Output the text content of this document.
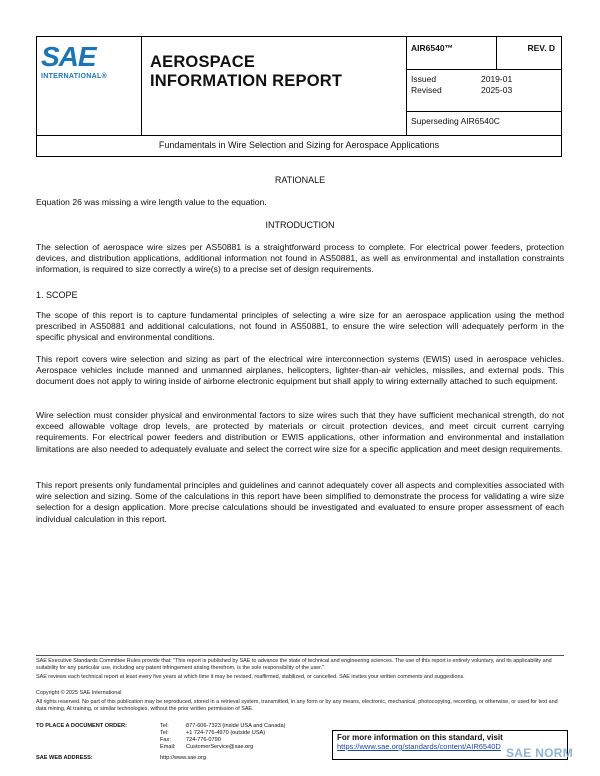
SAE
INTERNATIONAL®

AEROSPACE
INFORMATION REPORT
	AIR6540™	REV. D

Issued	2019-01
Revised	2025-03

Superseding AIR6540C
Fundamentals in Wire Selection and Sizing for Aerospace Applications
RATIONALE
Equation 26 was missing a wire length value to the equation.
INTRODUCTION
The selection of aerospace wire sizes per AS50881 is a straightforward process to complete. For electrical power feeders, protection devices, and distribution applications, additional information not found in AS50881, as well as environmental and installation constraints information, is required to size correctly a wire(s) to a precise set of design requirements.
1. SCOPE
The scope of this report is to capture fundamental principles of selecting a wire size for an aerospace application using the method prescribed in AS50881 and additional calculations, not found in AS50881, to ensure the wire selection will adequately perform in the specific physical and environmental conditions.
This report covers wire selection and sizing as part of the electrical wire interconnection systems (EWIS) used in aerospace vehicles. Aerospace vehicles include manned and unmanned airplanes, helicopters, lighter-than-air vehicles, missiles, and external pods. This document does not apply to wiring inside of airborne electronic equipment but shall apply to wiring externally attached to such equipment.
Wire selection must consider physical and environmental factors to size wires such that they have sufficient mechanical strength, do not exceed allowable voltage drop levels, are protected by materials or circuit protection devices, and meet circuit current carrying requirements. For electrical power feeders and distribution or EWIS applications, other information and environmental and installation limitations are also needed to adequately evaluate and select the correct wire size for a specific application and meet design requirements.
This report presents only fundamental principles and guidelines and cannot adequately cover all aspects and complexities associated with wire selection and sizing. Some of the calculations in this report have been simplified to demonstrate the process for validating a wire size selection for a design application. More precise calculations should be investigated and evaluated to ensure proper assessment of each individual calculation in this report.
SAE Executive Standards Committee Rules provide that: "This report is published by SAE to advance the state of technical and engineering sciences. The use of this report is entirely voluntary, and its applicability and suitability for any particular use, including any patent infringement arising therefrom, is the sole responsibility of the user."
SAE reviews each technical report at least every five years at which time it may be revised, reaffirmed, stabilized, or cancelled. SAE invites your written comments and suggestions.
Copyright © 2025 SAE International
All rights reserved. No part of this publication may be reproduced, stored in a retrieval system, transmitted, in any form or by any means, electronic, mechanical, photocopying, recording, or otherwise, or used for text and data mining, AI training, or similar technologies, without the prior written permission of SAE.
TO PLACE A DOCUMENT ORDER:	Tel:	877-606-7323 (inside USA and Canada)
Tel:	+1 724-776-4970 (outside USA)
Fax:	724-776-0790
Email: CustomerService@sae.org
SAE WEB ADDRESS:	http://www.sae.org
For more information on this standard, visit
https://www.sae.org/standards/content/AIR6540D SAE NORM
